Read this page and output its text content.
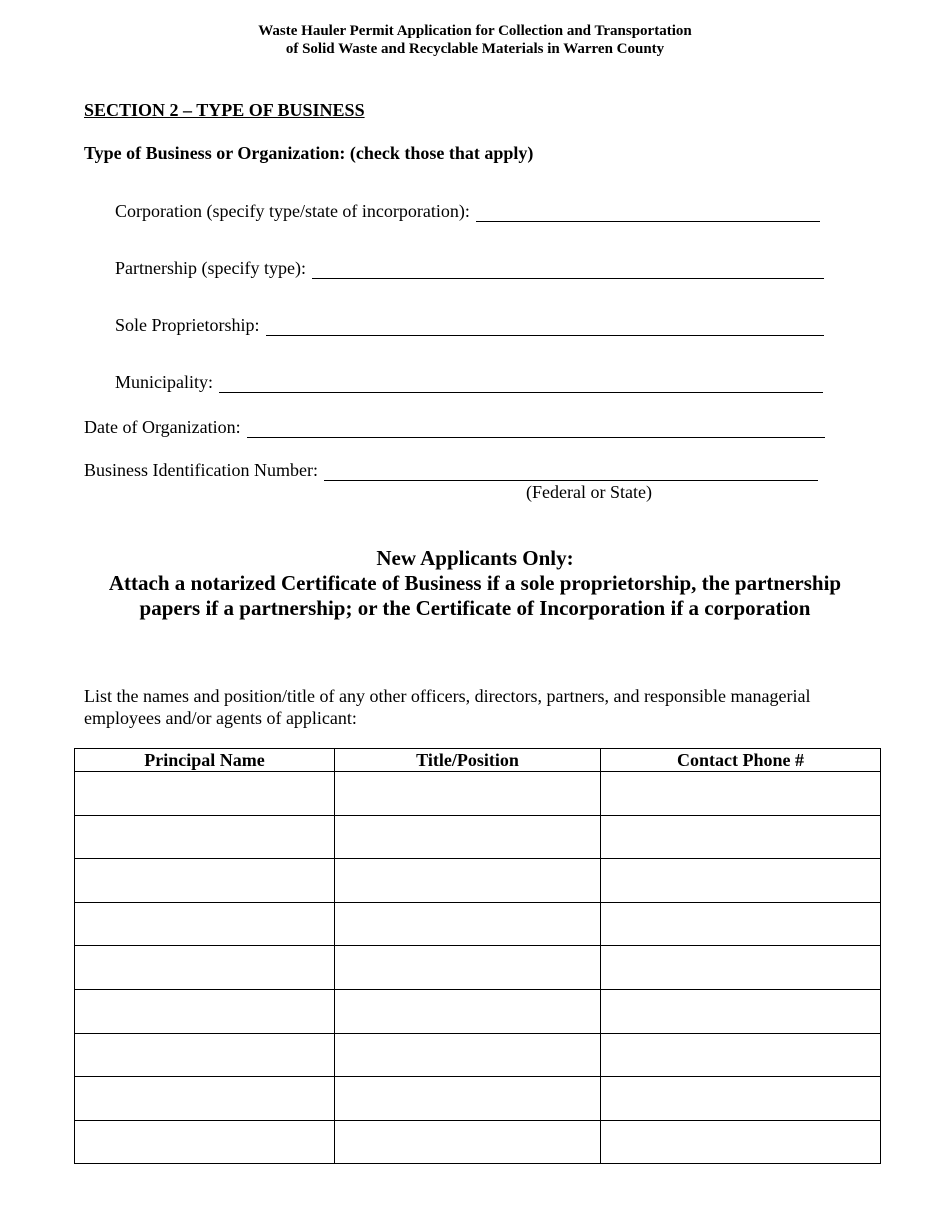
Waste Hauler Permit Application for Collection and Transportation
of Solid Waste and Recyclable Materials in Warren County
SECTION 2 – TYPE OF BUSINESS
Type of Business or Organization: (check those that apply)
Corporation (specify type/state of incorporation):
Partnership (specify type):
Sole Proprietorship:
Municipality:
Date of Organization:
Business Identification Number:
(Federal or State)
New Applicants Only:
Attach a notarized Certificate of Business if a sole proprietorship, the partnership
papers if a partnership; or the Certificate of Incorporation if a corporation
List the names and position/title of any other officers, directors, partners, and responsible managerial employees and/or agents of applicant:
Principal Name	Title/Position	Contact Phone #
